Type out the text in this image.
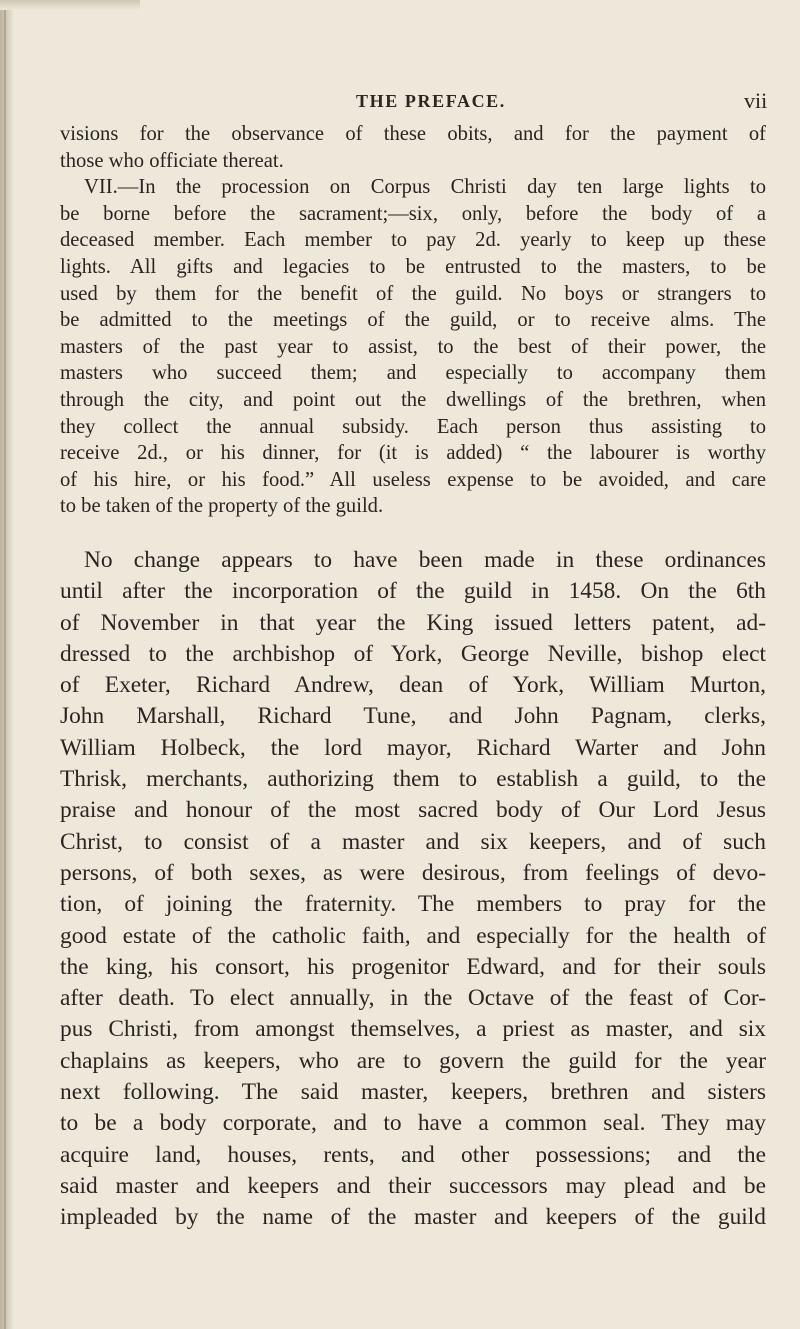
THE PREFACE.	vii
visions for the observance of these obits, and for the payment of
those who officiate thereat.
VII.—In the procession on Corpus Christi day ten large lights to
be borne before the sacrament;—six, only, before the body of a
deceased member. Each member to pay 2d. yearly to keep up these
lights. All gifts and legacies to be entrusted to the masters, to be
used by them for the benefit of the guild. No boys or strangers to
be admitted to the meetings of the guild, or to receive alms. The
masters of the past year to assist, to the best of their power, the
masters who succeed them; and especially to accompany them
through the city, and point out the dwellings of the brethren, when
they collect the annual subsidy. Each person thus assisting to
receive 2d., or his dinner, for (it is added) “ the labourer is worthy
of his hire, or his food.” All useless expense to be avoided, and care
to be taken of the property of the guild.
No change appears to have been made in these ordinances
until after the incorporation of the guild in 1458. On the 6th
of November in that year the King issued letters patent, ad-
dressed to the archbishop of York, George Neville, bishop elect
of Exeter, Richard Andrew, dean of York, William Murton,
John Marshall, Richard Tune, and John Pagnam, clerks,
William Holbeck, the lord mayor, Richard Warter and John
Thrisk, merchants, authorizing them to establish a guild, to the
praise and honour of the most sacred body of Our Lord Jesus
Christ, to consist of a master and six keepers, and of such
persons, of both sexes, as were desirous, from feelings of devo-
tion, of joining the fraternity. The members to pray for the
good estate of the catholic faith, and especially for the health of
the king, his consort, his progenitor Edward, and for their souls
after death. To elect annually, in the Octave of the feast of Cor-
pus Christi, from amongst themselves, a priest as master, and six
chaplains as keepers, who are to govern the guild for the year
next following. The said master, keepers, brethren and sisters
to be a body corporate, and to have a common seal. They may
acquire land, houses, rents, and other possessions; and the
said master and keepers and their successors may plead and be
impleaded by the name of the master and keepers of the guild
